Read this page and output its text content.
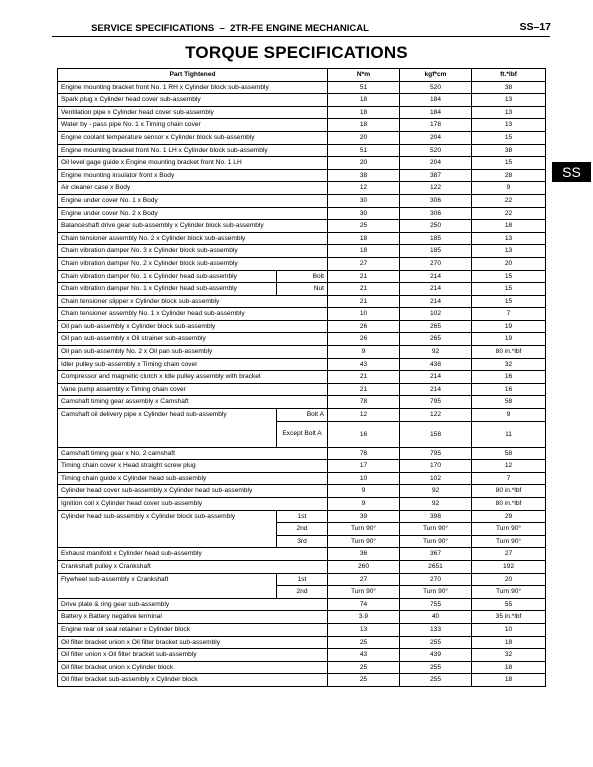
SERVICE SPECIFICATIONS – 2TR-FE ENGINE MECHANICAL	SS–17
TORQUE SPECIFICATIONS
SS
Part Tightened		N*m	kgf*cm	ft.*lbf
Engine mounting bracket front No. 1 RH x Cylinder block sub-assembly		51	520	38
Spark plug x Cylinder head cover sub-assembly		18	184	13
Ventilation pipe x Cylinder head cover sub-assembly		18	184	13
Water by - pass pipe No. 1 x Timing chain cover		18	178	13
Engine coolant temperature sensor x Cylinder block sub-assembly		20	204	15
Engine mounting bracket front No. 1 LH x Cylinder block sub-assembly		51	520	38
Oil level gage guide x Engine mounting bracket front No. 1 LH		20	204	15
Engine mounting insulator front x Body		38	387	28
Air cleaner case x Body		12	122	9
Engine under cover No. 1 x Body		30	306	22
Engine under cover No. 2 x Body		30	306	22
Balanceshaft drive gear sub-assembly x Cylinder block sub-assembly		25	250	18
Chain tensioner assembly No. 2 x Cylinder block sub-assembly		18	185	13
Chain vibration damper No. 3 x Cylinder block sub-assembly		18	185	13
Chain vibration damper No. 2 x Cylinder block sub-assembly		27	270	20
Chain vibration damper No. 1 x Cylinder head sub-assembly	Bolt	21	214	15
Chain vibration damper No. 1 x Cylinder head sub-assembly	Nut	21	214	15
Chain tensioner slipper x Cylinder block sub-assembly		21	214	15
Chain tensioner assembly No. 1 x Cylinder head sub-assembly		10	102	7
Oil pan sub-assembly x Cylinder block sub-assembly		26	265	19
Oil pan sub-assembly x Oil strainer sub-assembly		26	265	19
Oil pan sub-assembly No. 2 x Oil pan sub-assembly		9	92	80 in.*lbf
Idler pulley sub-assembly x Timing chain cover		43	438	32
Compressor and magnetic clutch x Idle pulley assembly with bracket		21	214	16
Vane pump assembly x Timing chain cover		21	214	16
Camshaft timing gear assembly x Camshaft		78	795	58
Camshaft oil delivery pipe x Cylinder head sub-assembly	Bolt A	12	122	9
	Except Bolt A	16	158	11
Camshaft timing gear x No. 2 camshaft		78	795	58
Timing chain cover x Head straight screw plug		17	170	12
Timing chain guide x Cylinder head sub-assembly		10	102	7
Cylinder head cover sub-assembly x Cylinder head sub-assembly		9	92	80 in.*lbf
Ignition coil x Cylinder head cover sub-assembly		9	92	80 in.*lbf
Cylinder head sub-assembly x Cylinder block sub-assembly	1st	39	398	29
	2nd	Turn 90°	Turn 90°	Turn 90°
	3rd	Turn 90°	Turn 90°	Turn 90°
Exhaust manifold x Cylinder head sub-assembly		36	367	27
Crankshaft pulley x Crankshaft		260	2651	192
Flywheel sub-assembly x Crankshaft	1st	27	270	20
	2nd	Turn 90°	Turn 90°	Turn 90°
Drive plate & ring gear sub-assembly		74	755	55
Battery x Battery negative terminal		3.9	40	35 in.*lbf
Engine rear oil seal retainer x Cylinder block		13	133	10
Oil filter bracket union x Oil filter bracket sub-assembly		25	255	18
Oil filter union x Oil filter bracket sub-assembly		43	439	32
Oil filter bracket union x Cylinder block		25	255	18
Oil filter bracket sub-assembly x Cylinder block		25	255	18
